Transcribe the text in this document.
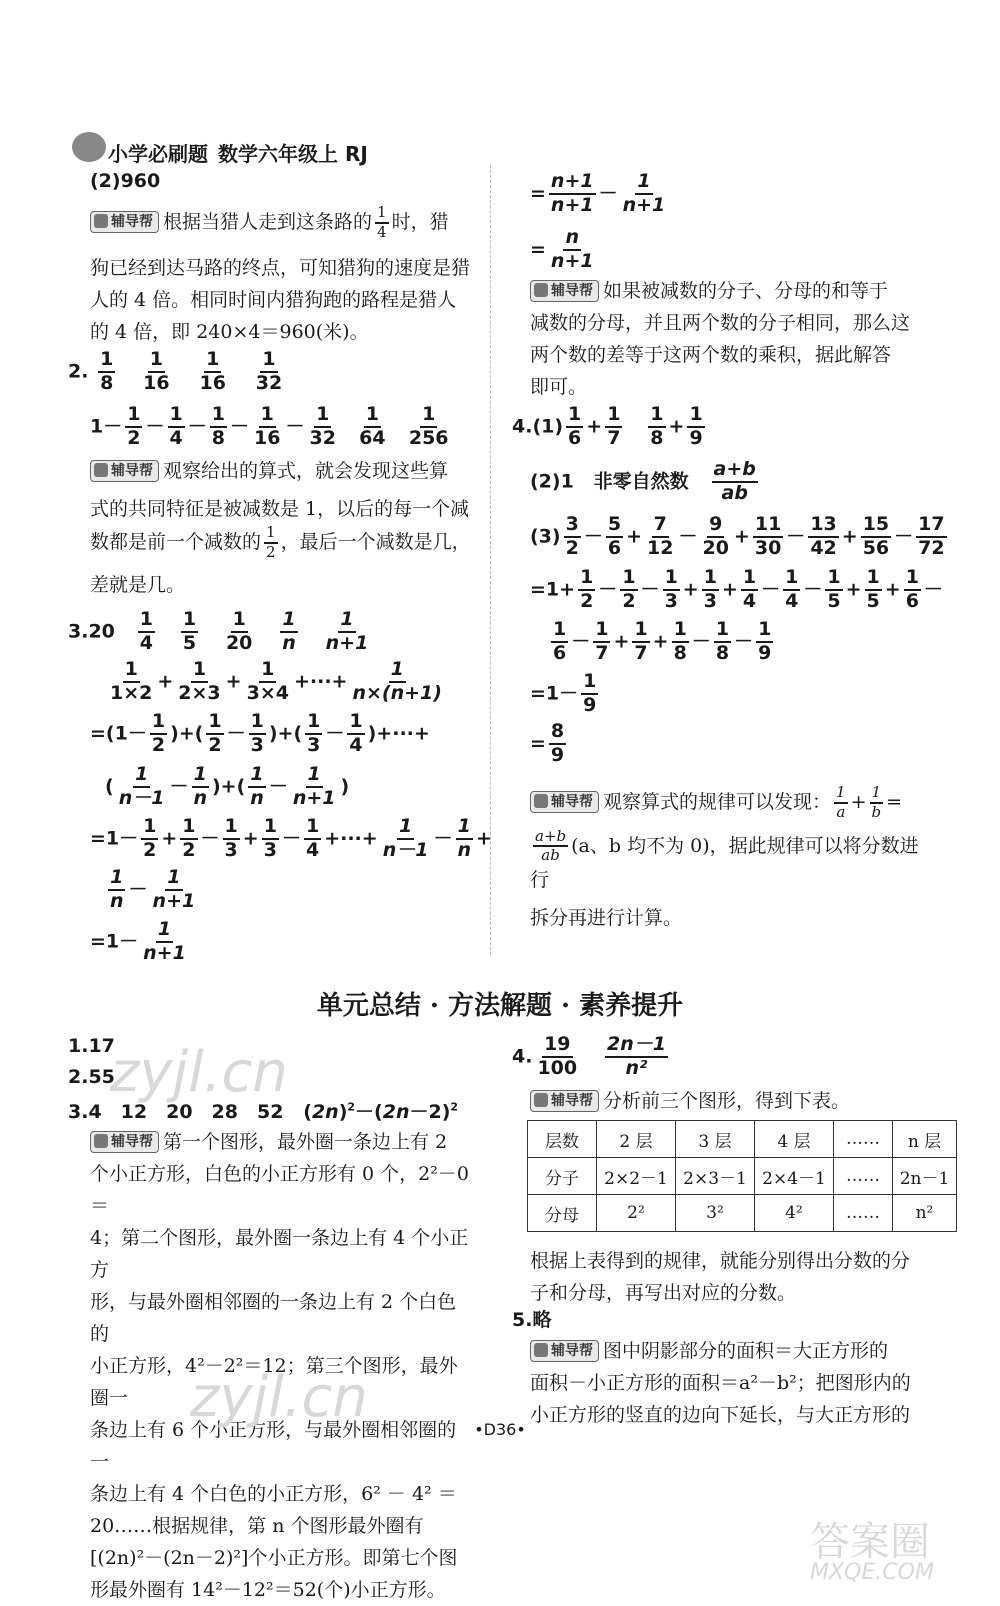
小学必刷题 数学六年级上 RJ
(2)960
辅导帮 根据当猎人走到这条路的 $\frac{1}{4}$ 时，猎
狗已经到达马路的终点，可知猎狗的速度是猎
人的 4 倍。相同时间内猎狗跑的路程是猎人
的 4 倍，即 240×4＝960(米)。
2. $\frac{1}{8}$
$\frac{1}{16}$
$\frac{1}{16}$
$\frac{1}{32}$
$1- \frac{1}{2} - \frac{1}{4} - \frac{1}{8} - \frac{1}{16} - \frac{1}{32}$
$\frac{1}{64}$
$\frac{1}{256}$
辅导帮 观察给出的算式，就会发现这些算
式的共同特征是被减数是 1，以后的每一个减
数都是前一个减数的 $\frac{1}{2}$ ，最后一个减数是几，
差就是几。
$3.20 \frac{1}{4}$
$\frac{1}{5}$
$\frac{1}{20}$
$\frac{1}{n}$
$\frac{1}{n+1}$
$\frac{1}{1\times 2} + \frac{1}{2\times 3} + \frac{1}{3\times 4}$ +···+ $\frac{1}{n\times(n+1)}$
$=(1- \frac{1}{2}$ )+( $\frac{1}{2} - \frac{1}{3}$ )+( $\frac{1}{3} - \frac{1}{4}$ )+···+
( $\frac{1}{n-1} - \frac{1}{n}$ )+( $\frac{1}{n} - \frac{1}{n+1}$ )
$=1- \frac{1}{2} + \frac{1}{2} - \frac{1}{3} + \frac{1}{3} - \frac{1}{4}$ +···+ $\frac{1}{n-1} - \frac{1}{n}$ +
$\frac{1}{n} - \frac{1}{n+1}$
$=1- \frac{1}{n+1}$
= $\frac{n+1}{n+1} - \frac{1}{n+1}$
= $\frac{n}{n+1}$
辅导帮 如果被减数的分子、分母的和等于
减数的分母，并且两个数的分子相同，那么这
两个数的差等于这两个数的乘积，据此解答
即可。
$4.(1) \frac{1}{6} + \frac{1}{7}$
$\frac{1}{8} + \frac{1}{9}$
(2)1 非零自然数 $\frac{a+b}{ab}$
$(3) \frac{3}{2} - \frac{5}{6} + \frac{7}{12} - \frac{9}{20} + \frac{11}{30} - \frac{13}{42} + \frac{15}{56} - \frac{17}{72}$
$=1+ \frac{1}{2} - \frac{1}{2} - \frac{1}{3} + \frac{1}{3} + \frac{1}{4} - \frac{1}{4} - \frac{1}{5} + \frac{1}{5} + \frac{1}{6}$ －
$\frac{1}{6} - \frac{1}{7} + \frac{1}{7} + \frac{1}{8} - \frac{1}{8} - \frac{1}{9}$
$=1- \frac{1}{9}$
= $\frac{8}{9}$
辅导帮 观察算式的规律可以发现： $\frac{1}{a} + \frac{1}{b}$ =
$\frac{a+b}{ab} (a$、b 均不为 0)，据此规律可以将分数进行
拆分再进行计算。
单元总结 · 方法解题 · 素养提升
1.17
2.55
3.4　12　20　28　52   $(2n)^2-(2n-2)^2$
辅导帮 第一个图形，最外圈一条边上有 2
个小正方形，白色的小正方形有 0 个，2²－0＝
4；第二个图形，最外圈一条边上有 4 个小正方
形，与最外圈相邻圈的一条边上有 2 个白色的
小正方形，4²－2²＝12；第三个图形，最外圈一
条边上有 6 个小正方形，与最外圈相邻圈的一
条边上有 4 个白色的小正方形，6² － 4² ＝
20……根据规律，第 n 个图形最外圈有
[(2n)²－(2n－2)²]个小正方形。即第七个图
形最外圈有 14²－12²＝52(个)小正方形。
4. $\frac{19}{100}$
$\frac{2n-1}{\text{n²}}$
辅导帮 分析前三个图形，得到下表。
层数	2 层	3 层	4 层	……	n 层
分子	2×2－1	2×3－1	2×4－1	……	2n－1
分母	2²	3²	4²	……	n²
根据上表得到的规律，就能分别得出分数的分
子和分母，再写出对应的分数。
5.略
辅导帮 图中阴影部分的面积＝大正方形的
面积－小正方形的面积＝a²－b²；把图形内的
小正方形的竖直的边向下延长，与大正方形的
•D36•
zyjl.cn
zyjl.cn
答案圈
MXQE.COM
